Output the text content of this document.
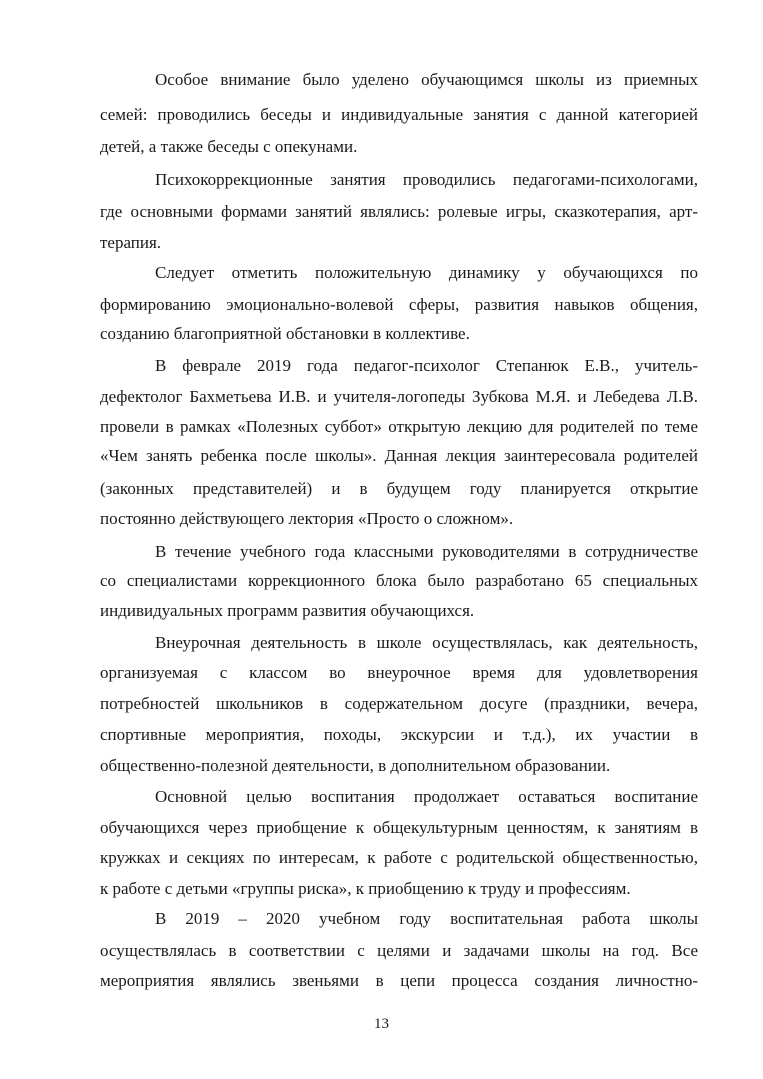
Особое внимание было уделено обучающимся школы из приемных
семей: проводились беседы и индивидуальные занятия с данной категорией
детей, а также беседы с опекунами.
Психокоррекционные занятия проводились педагогами-психологами,
где основными формами занятий являлись: ролевые игры, сказкотерапия, арт-
терапия.
Следует отметить положительную динамику у обучающихся по
формированию эмоционально-волевой сферы, развития навыков общения,
созданию благоприятной обстановки в коллективе.
В феврале 2019 года педагог-психолог Степанюк Е.В., учитель-
дефектолог Бахметьева И.В. и учителя-логопеды Зубкова М.Я. и Лебедева Л.В.
провели в рамках «Полезных суббот» открытую лекцию для родителей по теме
«Чем занять ребенка после школы». Данная лекция заинтересовала родителей
(законных представителей) и в будущем году планируется открытие
постоянно действующего лектория «Просто о сложном».
В течение учебного года классными руководителями в сотрудничестве
со специалистами коррекционного блока было разработано 65 специальных
индивидуальных программ развития обучающихся.
Внеурочная деятельность в школе осуществлялась, как деятельность,
организуемая с классом во внеурочное время для удовлетворения
потребностей школьников в содержательном досуге (праздники, вечера,
спортивные мероприятия, походы, экскурсии и т.д.), их участии в
общественно-полезной деятельности, в дополнительном образовании.
Основной целью воспитания продолжает оставаться воспитание
обучающихся через приобщение к общекультурным ценностям, к занятиям в
кружках и секциях по интересам, к работе с родительской общественностью,
к работе с детьми «группы риска», к приобщению к труду и профессиям.
В 2019 – 2020 учебном году воспитательная работа школы
осуществлялась в соответствии с целями и задачами школы на год. Все
мероприятия являлись звеньями в цепи процесса создания личностно-
13
